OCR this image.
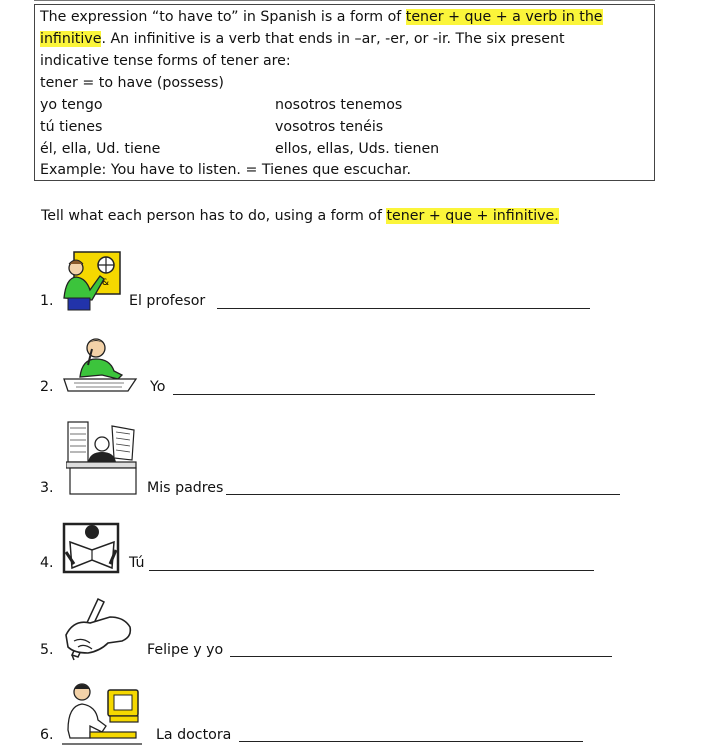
The expression “to have to” in Spanish is a form of tener + que + a verb in the
infinitive. An infinitive is a verb that ends in –ar, -er, or -ir. The six present
indicative tense forms of tener are:
tener = to have (possess)
yo tengo	nosotros tenemos
tú tienes	vosotros tenéis
él, ella, Ud. tiene	ellos, ellas, Uds. tienen
Example: You have to listen. = Tienes que escuchar.
Tell what each person has to do, using a form of tener + que + infinitive.
&
1.	El profesor
2.	Yo
3.	Mis padres
4.	Tú
5.	Felipe y yo
6.	La doctora
